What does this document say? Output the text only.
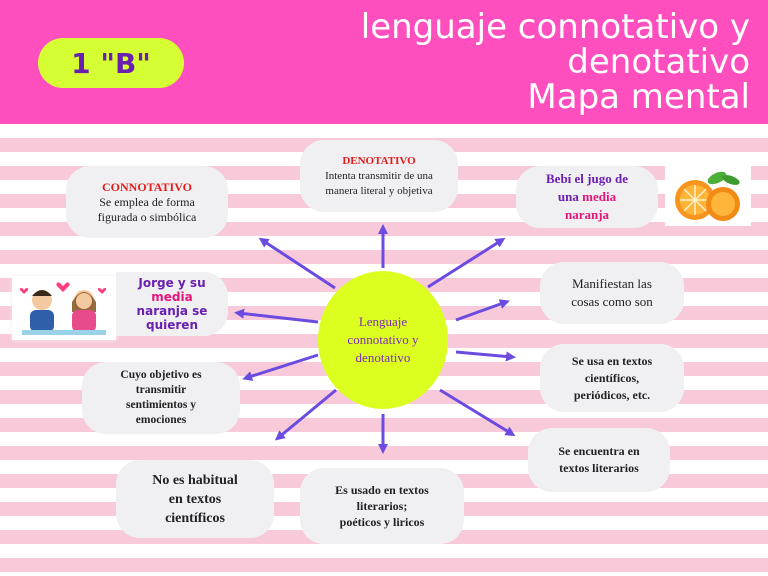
1 "B"
lenguaje connotativo y
denotativo
Mapa mental
Lenguaje
connotativo y
denotativo
CONNOTATIVO
Se emplea de forma
figurada o simbólica
DENOTATIVO
Intenta transmitir de una
manera literal y objetiva
Bebí el jugo de
una media
naranja
Jorge y su
media
naranja se
quieren
Manifiestan las
cosas como son
Se usa en textos
científicos,
periódicos, etc.
Cuyo objetivo es
transmitir
sentimientos y
emociones
Se encuentra en
textos literarios
No es habitual
en textos
científicos
Es usado en textos
literarios;
poéticos y liricos
